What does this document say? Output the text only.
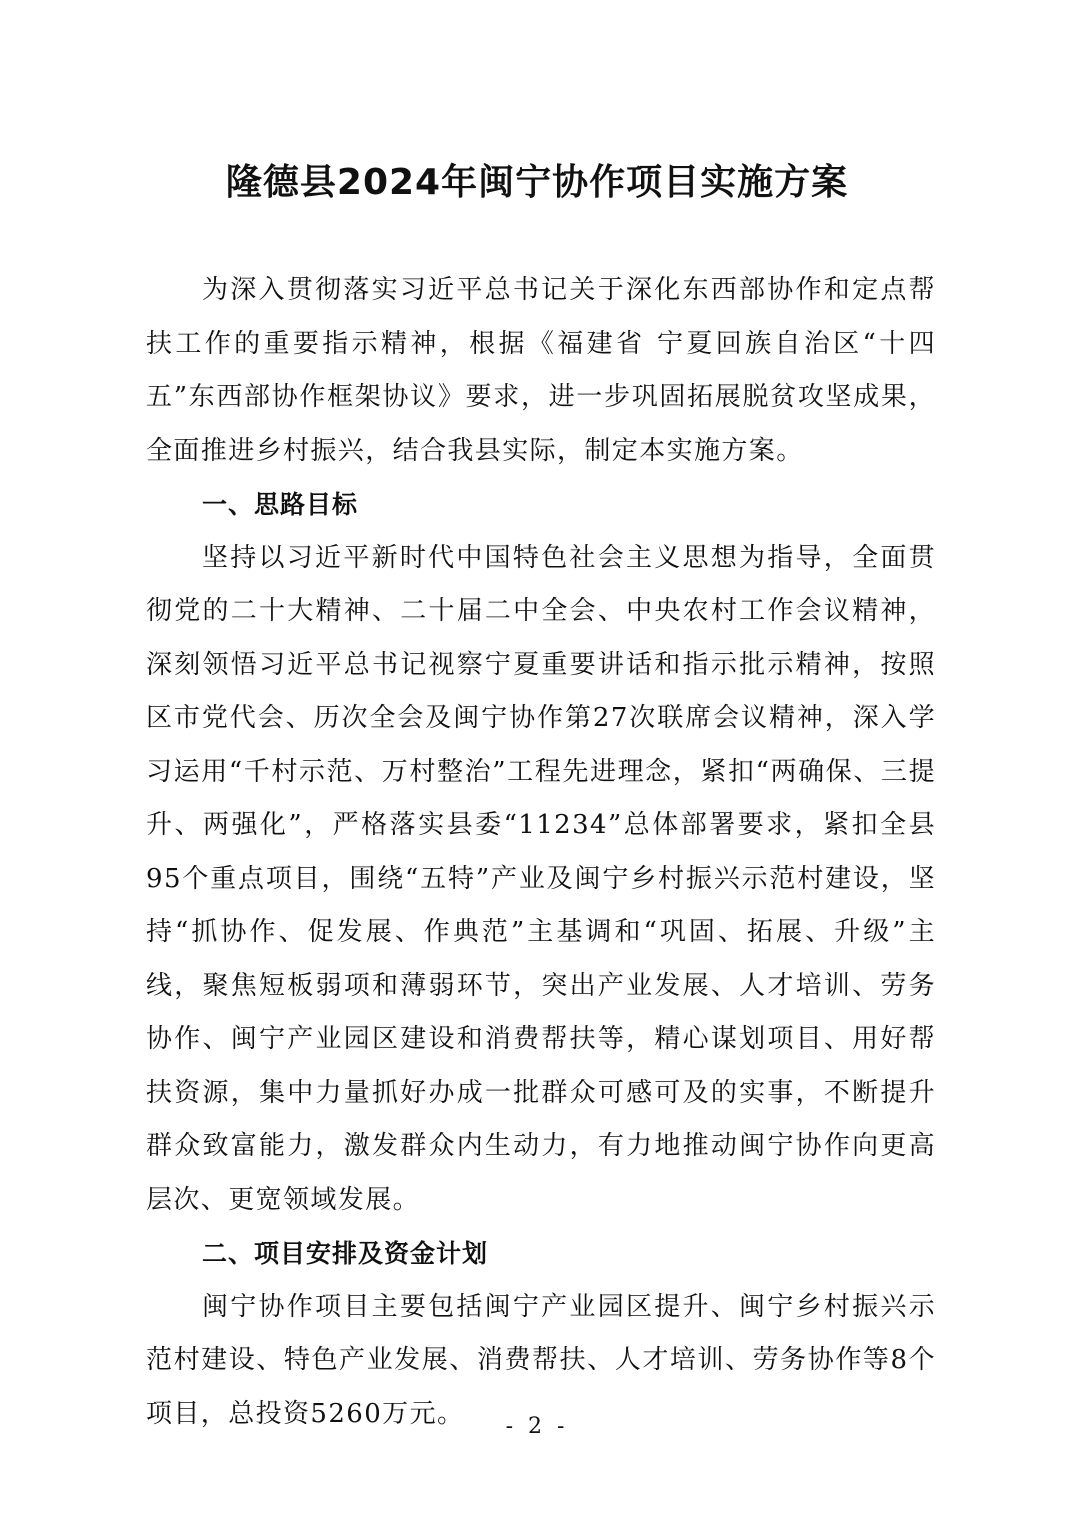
隆德县2024年闽宁协作项目实施方案

为深入贯彻落实习近平总书记关于深化东西部协作和定点帮扶工作的重要指示精神，根据《福建省 宁夏回族自治区“十四五”东西部协作框架协议》要求，进一步巩固拓展脱贫攻坚成果，全面推进乡村振兴，结合我县实际，制定本实施方案。

一、思路目标

坚持以习近平新时代中国特色社会主义思想为指导，全面贯彻党的二十大精神、二十届二中全会、中央农村工作会议精神，深刻领悟习近平总书记视察宁夏重要讲话和指示批示精神，按照区市党代会、历次全会及闽宁协作第27次联席会议精神，深入学习运用“千村示范、万村整治”工程先进理念，紧扣“两确保、三提升、两强化”，严格落实县委“11234”总体部署要求，紧扣全县95个重点项目，围绕“五特”产业及闽宁乡村振兴示范村建设，坚持“抓协作、促发展、作典范”主基调和“巩固、拓展、升级”主线，聚焦短板弱项和薄弱环节，突出产业发展、人才培训、劳务协作、闽宁产业园区建设和消费帮扶等，精心谋划项目、用好帮扶资源，集中力量抓好办成一批群众可感可及的实事，不断提升群众致富能力，激发群众内生动力，有力地推动闽宁协作向更高层次、更宽领域发展。

二、项目安排及资金计划

闽宁协作项目主要包括闽宁产业园区提升、闽宁乡村振兴示范村建设、特色产业发展、消费帮扶、人才培训、劳务协作等8个项目，总投资5260万元。	- 2 -
